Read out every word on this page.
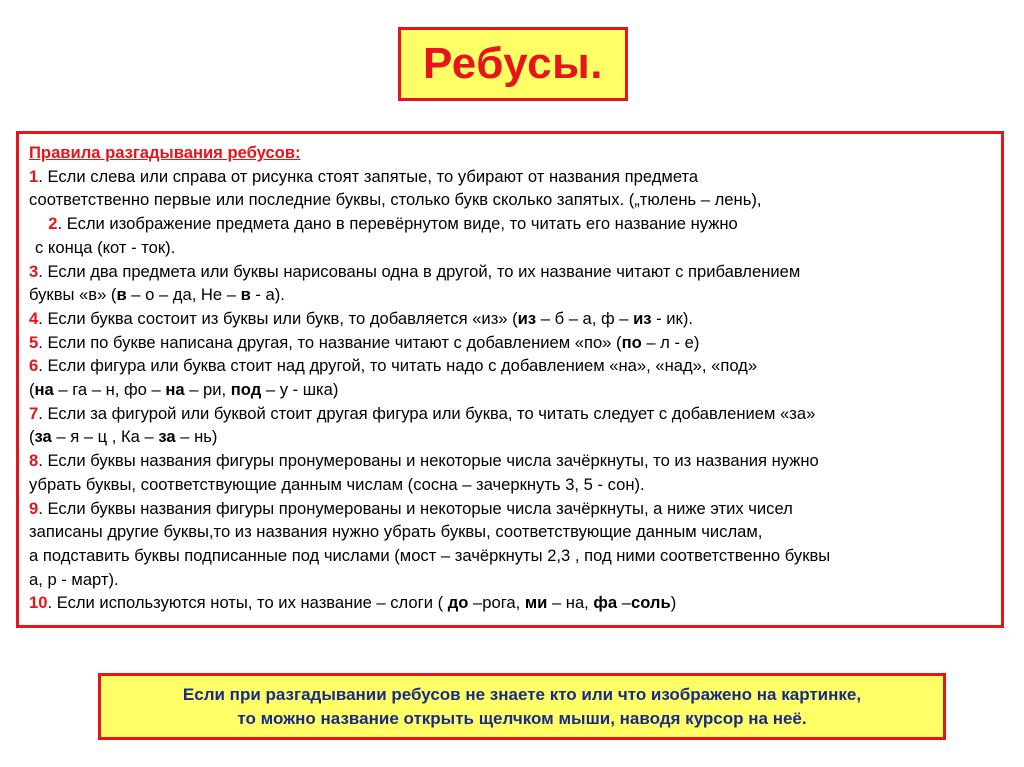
Ребусы.
Правила разгадывания ребусов:
1. Если слева или справа от рисунка стоят запятые, то убирают от названия предмета
соответственно первые или последние буквы, столько букв сколько запятых. („тюлень – лень),
2. Если изображение предмета дано в перевёрнутом виде, то читать его название нужно
с конца (кот - ток).
3. Если два предмета или буквы нарисованы одна в другой, то их название читают с прибавлением
буквы «в» (в – о – да, Не – в - а).
4. Если буква состоит из буквы или букв, то добавляется «из» (из – б – а, ф – из - ик).
5. Если по букве написана другая, то название читают с добавлением «по» (по – л - е)
6. Если фигура или буква стоит над другой, то читать надо с добавлением «на», «над», «под»
(на – га – н, фо – на – ри, под – у - шка)
7. Если за фигурой или буквой стоит другая фигура или буква, то читать следует с добавлением «за»
(за – я – ц , Ка – за – нь)
8. Если буквы названия фигуры пронумерованы и некоторые числа зачёркнуты, то из названия нужно
убрать буквы, соответствующие данным числам (сосна – зачеркнуть 3, 5 - сон).
9. Если буквы названия фигуры пронумерованы и некоторые числа зачёркнуты, а ниже этих чисел
записаны другие буквы,то из названия нужно убрать буквы, соответствующие данным числам,
а подставить буквы подписанные под числами (мост – зачёркнуты 2,3 , под ними соответственно буквы
а, р - март).
10. Если используются ноты, то их название – слоги ( до –рога, ми – на, фа –соль)
Если при разгадывании ребусов не знаете кто или что изображено на картинке,
то можно название открыть щелчком мыши, наводя курсор на неё.
